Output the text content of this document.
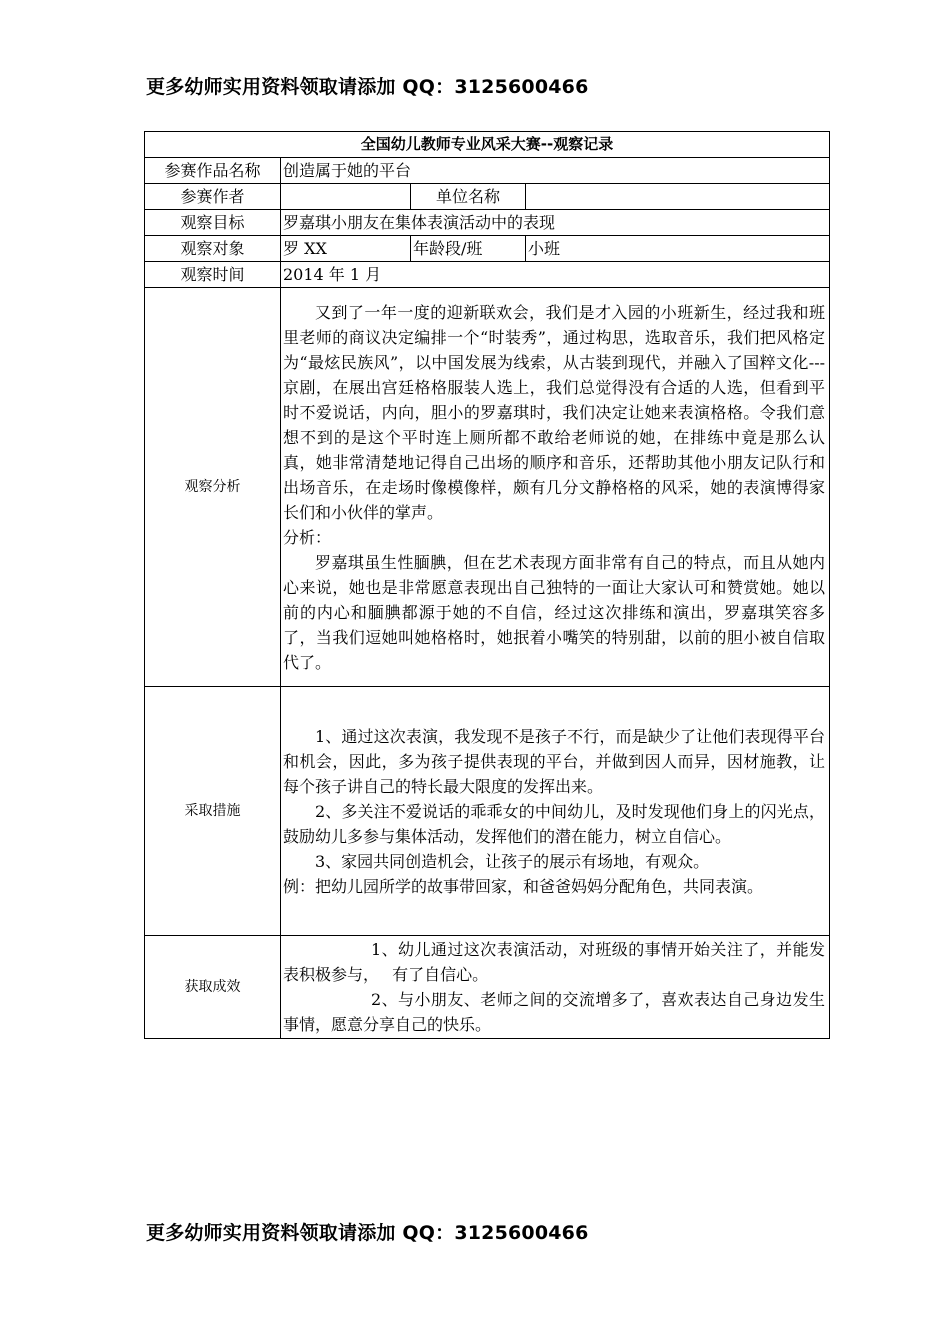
更多幼师实用资料领取请添加 QQ：3125600466
全国幼儿教师专业风采大赛--观察记录			
参赛作品名称	创造属于她的平台		
参赛作者		单位名称	
观察目标	罗嘉琪小朋友在集体表演活动中的表现		
观察对象	罗 XX	年龄段/班	小班
观察时间	2014 年 1 月		
观察分析	又到了一年一度的迎新联欢会，我们是才入园的小班新生，经过我和班里老师的商议决定编排一个“时装秀”，通过构思，选取音乐，我们把风格定为“最炫民族风”，以中国发展为线索，从古装到现代，并融入了国粹文化---京剧，在展出宫廷格格服装人选上，我们总觉得没有合适的人选，但看到平时不爱说话，内向，胆小的罗嘉琪时，我们决定让她来表演格格。令我们意想不到的是这个平时连上厕所都不敢给老师说的她，在排练中竟是那么认真，她非常清楚地记得自己出场的顺序和音乐，还帮助其他小朋友记队行和出场音乐，在走场时像模像样，颇有几分文静格格的风采，她的表演博得家长们和小伙伴的掌声。

分析：

罗嘉琪虽生性腼腆，但在艺术表现方面非常有自己的特点，而且从她内心来说，她也是非常愿意表现出自己独特的一面让大家认可和赞赏她。她以前的内心和腼腆都源于她的不自信，经过这次排练和演出，罗嘉琪笑容多了，当我们逗她叫她格格时，她抿着小嘴笑的特别甜，以前的胆小被自信取代了。		

采取措施	1、通过这次表演，我发现不是孩子不行，而是缺少了让他们表现得平台和机会，因此，多为孩子提供表现的平台，并做到因人而异，因材施教，让每个孩子讲自己的特长最大限度的发挥出来。

2、多关注不爱说话的乖乖女的中间幼儿，及时发现他们身上的闪光点，鼓励幼儿多参与集体活动，发挥他们的潜在能力，树立自信心。

3、家园共同创造机会，让孩子的展示有场地，有观众。

例：把幼儿园所学的故事带回家，和爸爸妈妈分配角色，共同表演。		

获取成效	1、幼儿通过这次表演活动，对班级的事情开始关注了，并能发表积极参与，　 有了自信心。

2、与小朋友、老师之间的交流增多了，喜欢表达自己身边发生事情，愿意分享自己的快乐。		

更多幼师实用资料领取请添加 QQ：3125600466
